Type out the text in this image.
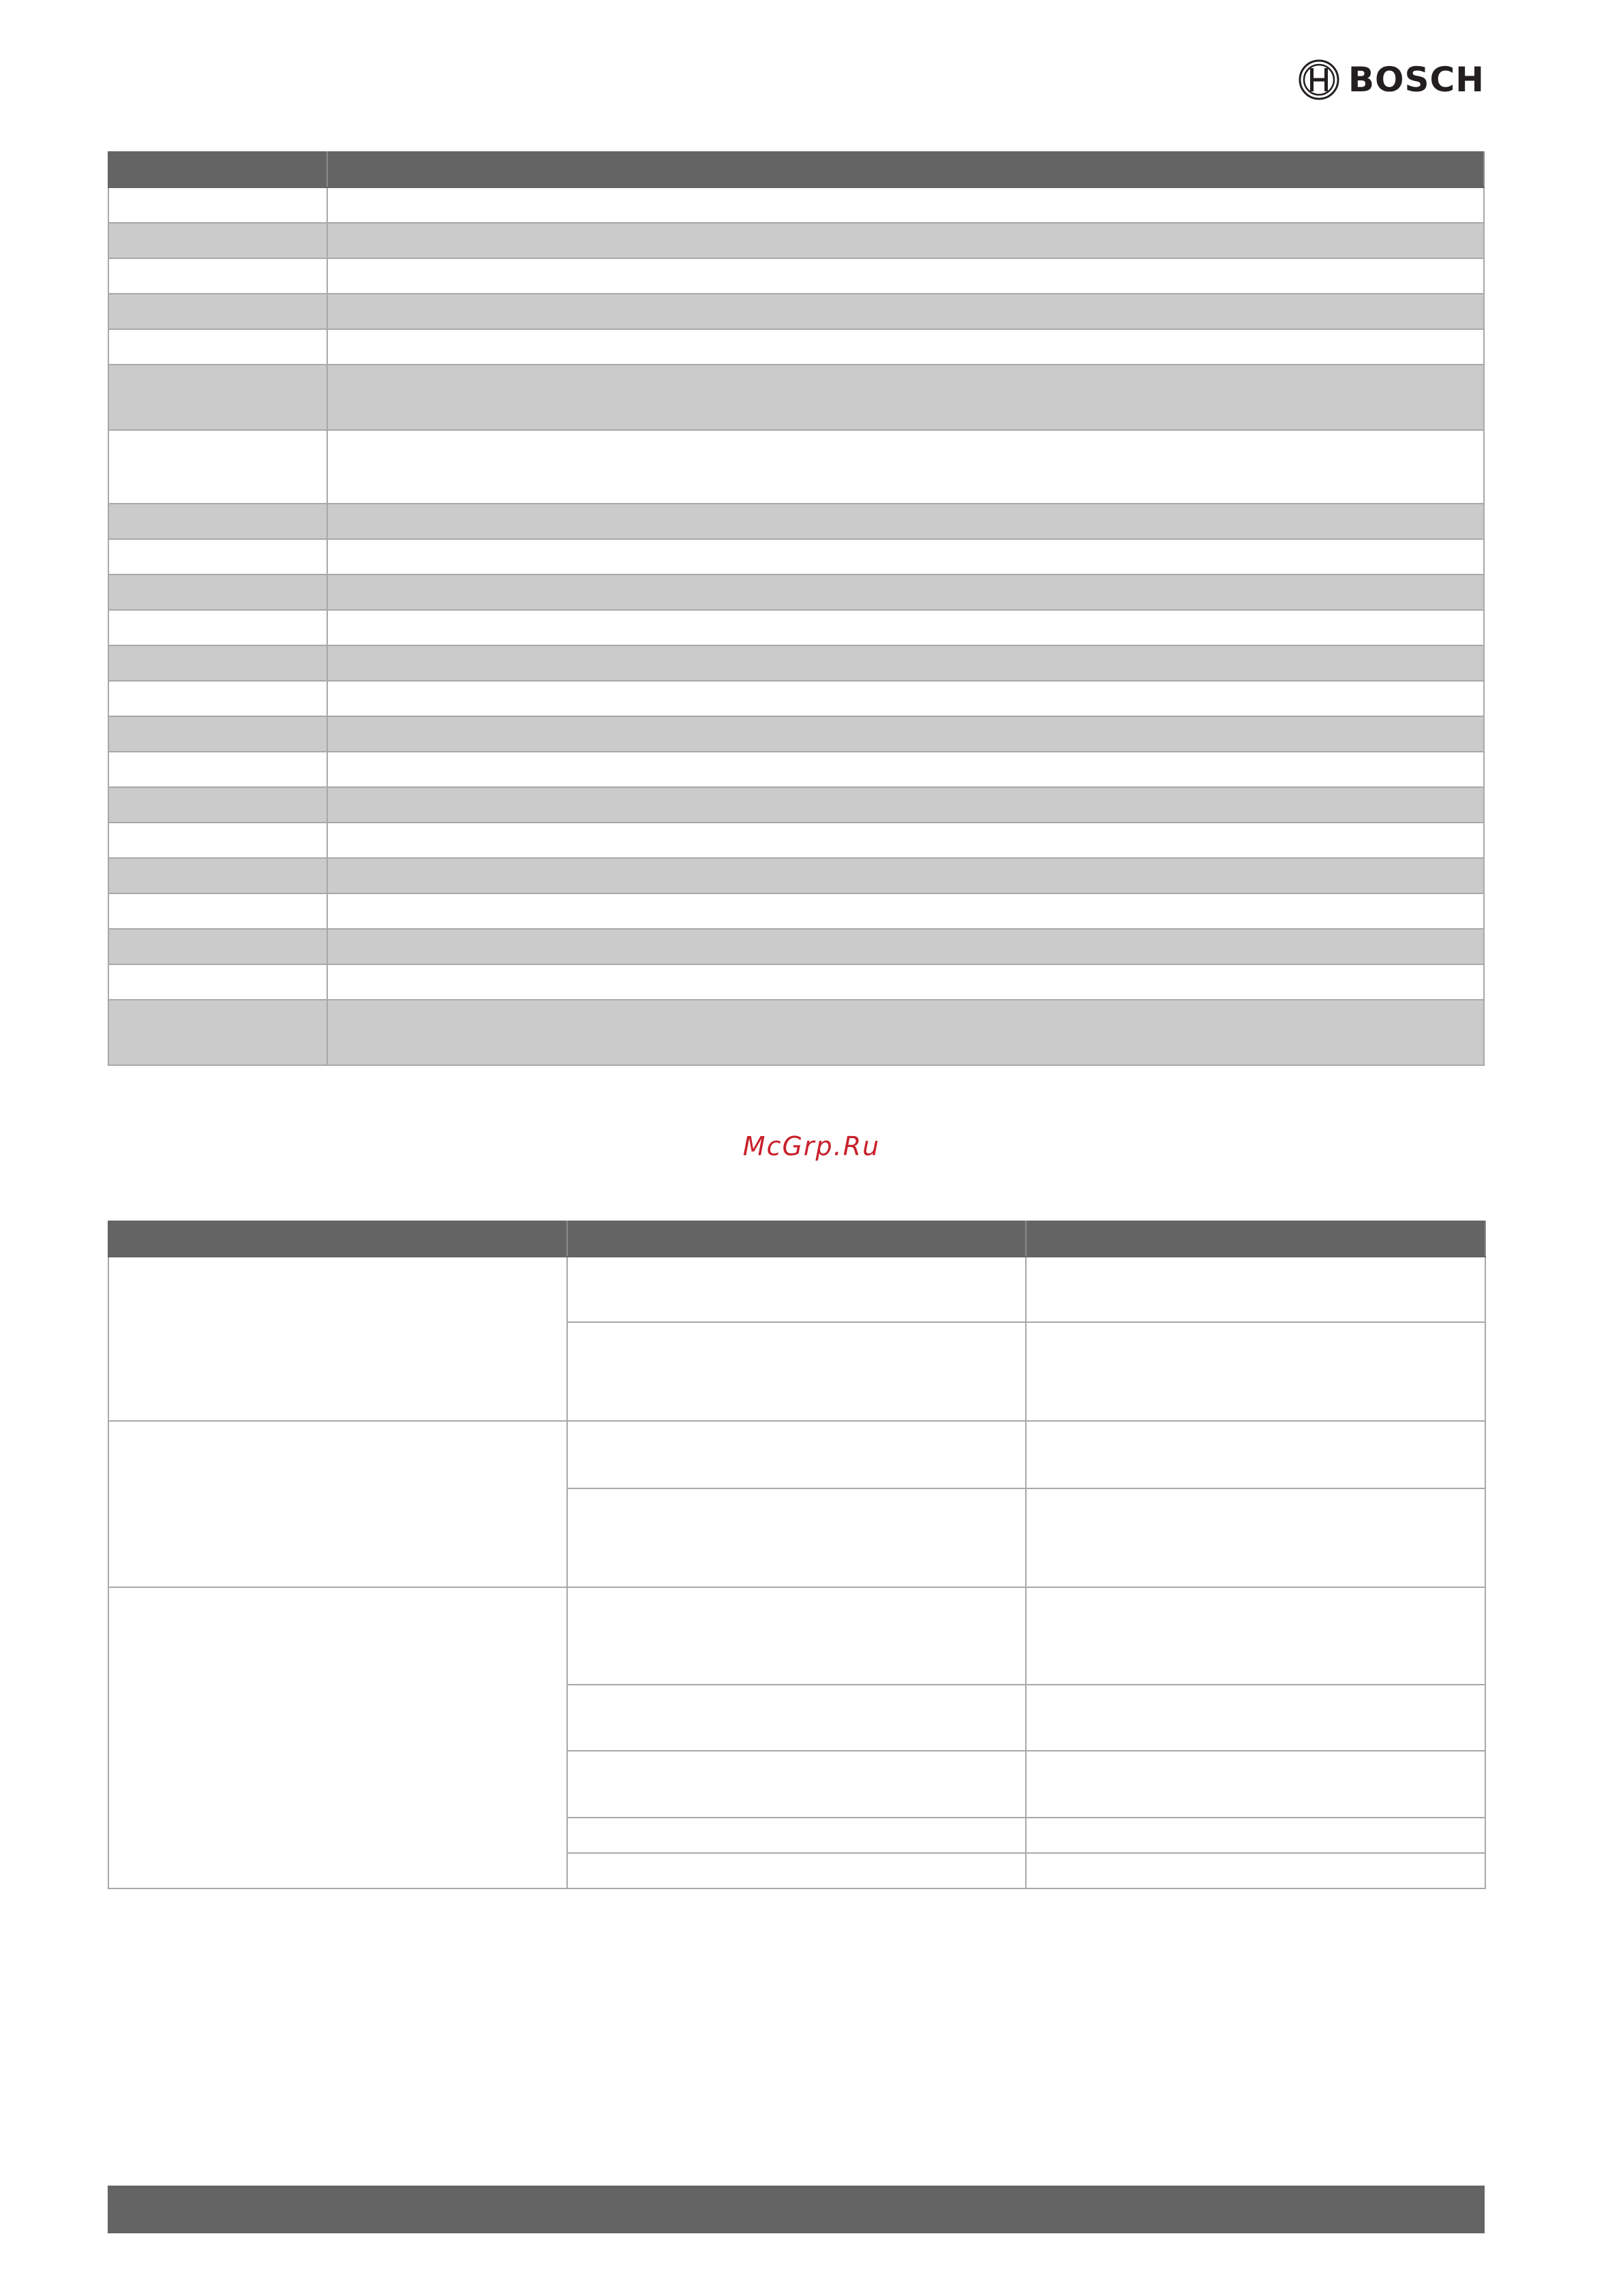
BOSCH

McGrp.Ru
